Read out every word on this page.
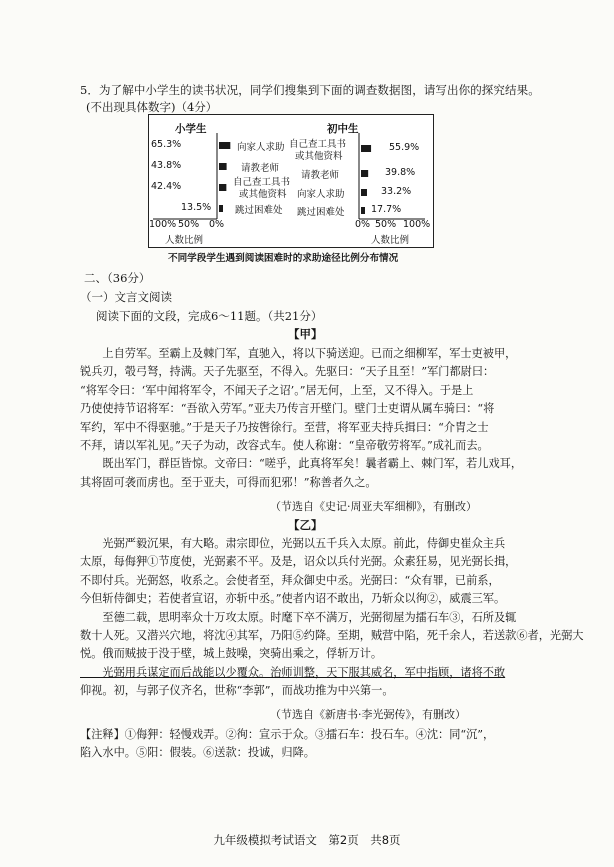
5．为了解中小学生的读书状况，同学们搜集到下面的调查数据图，请写出你的探究结果。
(不出现具体数字)（4分）
小学生	初中生
65.3%
43.8%
42.4%
13.5%
向家人求助
请教老师
自己查工具书
或其他资料
跳过困难处
100% 50% 0%
人数比例
自己查工具书
或其他资料
请教老师
向家人求助
跳过困难处
55.9%
39.8%
33.2%
17.7%
0% 50% 100%
人数比例
不同学段学生遇到阅读困难时的求助途径比例分布情况
二、（36分）
（一）文言文阅读
阅读下面的文段，完成6～11题。（共21分）
【甲】

　　上自劳军。至霸上及棘门军，直驰入，将以下骑送迎。已而之细柳军，军士吏被甲，

锐兵刃，彀弓弩，持满。天子先驱至，不得入。先驱曰：“天子且至！”军门都尉曰：

“将军令曰：‘军中闻将军令，不闻天子之诏’。”居无何，上至，又不得入。于是上

乃使使持节诏将军：“吾欲入劳军。”亚夫乃传言开壁门。壁门士吏谓从属车骑曰：“将

军约，军中不得驱驰。”于是天子乃按辔徐行。至营，将军亚夫持兵揖曰：“介胄之士

不拜，请以军礼见。”天子为动，改容式车。使人称谢：“皇帝敬劳将军。”成礼而去。

　　既出军门，群臣皆惊。文帝曰：“嗟乎，此真将军矣！曩者霸上、棘门军，若儿戏耳，

其将固可袭而虏也。至于亚夫，可得而犯邪！”称善者久之。

（节选自《史记·周亚夫军细柳》，有删改）
【乙】

　　光弼严毅沉果，有大略。肃宗即位，光弼以五千兵入太原。前此，侍御史崔众主兵

太原，每侮狎①节度使，光弼素不平。及是，诏众以兵付光弼。众素狂易，见光弼长揖，

不即付兵。光弼怒，收系之。会使者至，拜众御史中丞。光弼曰：“众有罪，已前系，

今但斩侍御史；若使者宣诏，亦斩中丞。”使者内诏不敢出，乃斩众以徇②，威震三军。

　　至德二载，思明率众十万攻太原。时麾下卒不满万，光弼彻屋为擂石车③，石所及辄

数十人死。又潜兴穴地，将沈④其军，乃阳⑤约降。至期，贼营中陷，死千余人，若送款⑥者，光弼大

悦。俄而贼披于没于壁，城上鼓噪，突骑出乘之，俘斩万计。

　　光弼用兵谋定而后战能以少覆众。治师训整，天下服其威名，军中指顾，诸将不敢

仰视。初，与郭子仪齐名，世称“李郭”，而战功推为中兴第一。

（节选自《新唐书·李光弼传》，有删改）

【注释】①侮狎：轻慢戏弄。②徇：宣示于众。③擂石车：投石车。④沈：同“沉”，

陷入水中。⑤阳：假装。⑥送款：投诚，归降。

九年级模拟考试语文　第2页　共8页
